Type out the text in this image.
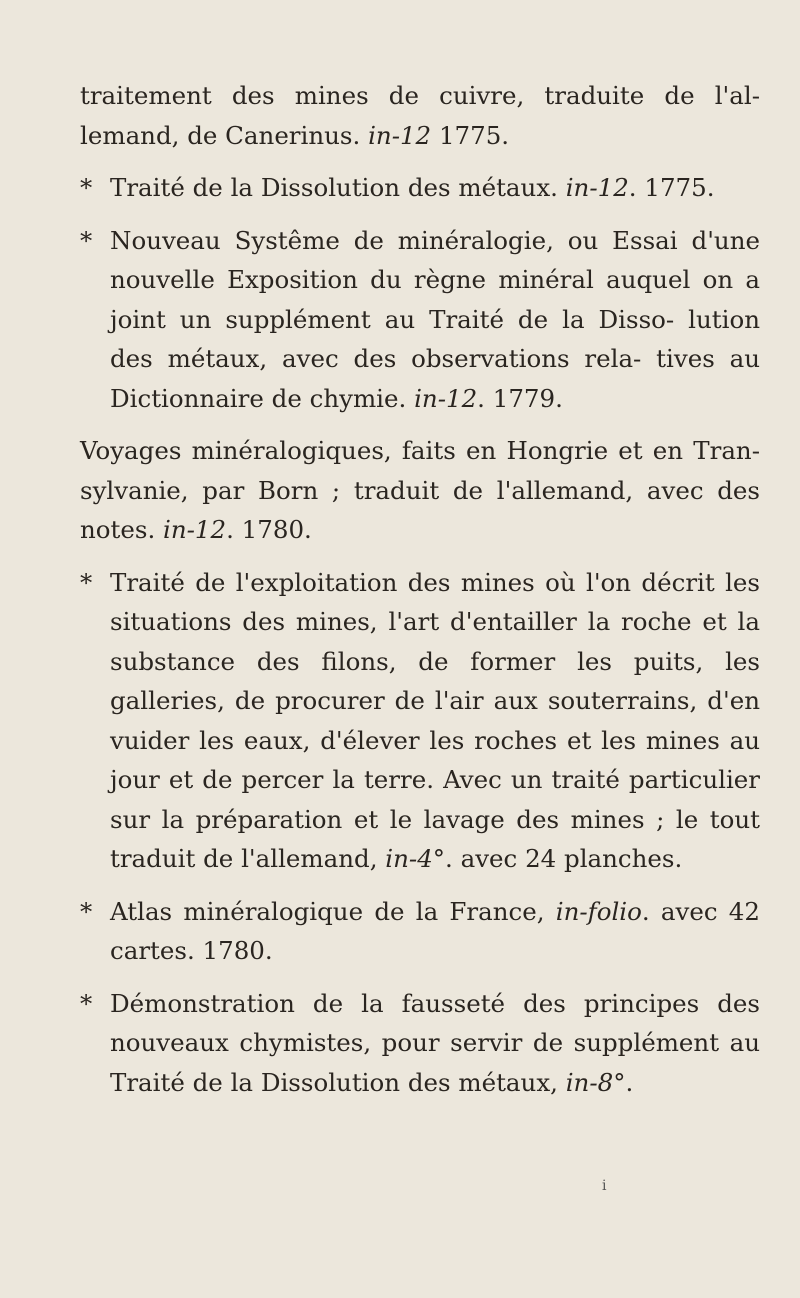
traitement des mines de cuivre, traduite de l'al- lemand, de Canerinus. in-12 1775.

* Traité de la Dissolution des métaux. in-12. 1775.

* Nouveau Systême de minéralogie, ou Essai d'une nouvelle Exposition du règne minéral auquel on a joint un supplément au Traité de la Disso- lution des métaux, avec des observations rela- tives au Dictionnaire de chymie. in-12. 1779.

Voyages minéralogiques, faits en Hongrie et en Tran- sylvanie, par Born ; traduit de l'allemand, avec des notes. in-12. 1780.

* Traité de l'exploitation des mines où l'on décrit les situations des mines, l'art d'entailler la roche et la substance des filons, de former les puits, les galleries, de procurer de l'air aux souterrains, d'en vuider les eaux, d'élever les roches et les mines au jour et de percer la terre. Avec un traité particulier sur la préparation et le lavage des mines ; le tout traduit de l'allemand, in-4°. avec 24 planches.

* Atlas minéralogique de la France, in-folio. avec 42 cartes. 1780.

* Démonstration de la fausseté des principes des nouveaux chymistes, pour servir de supplément au Traité de la Dissolution des métaux, in-8°.

i
